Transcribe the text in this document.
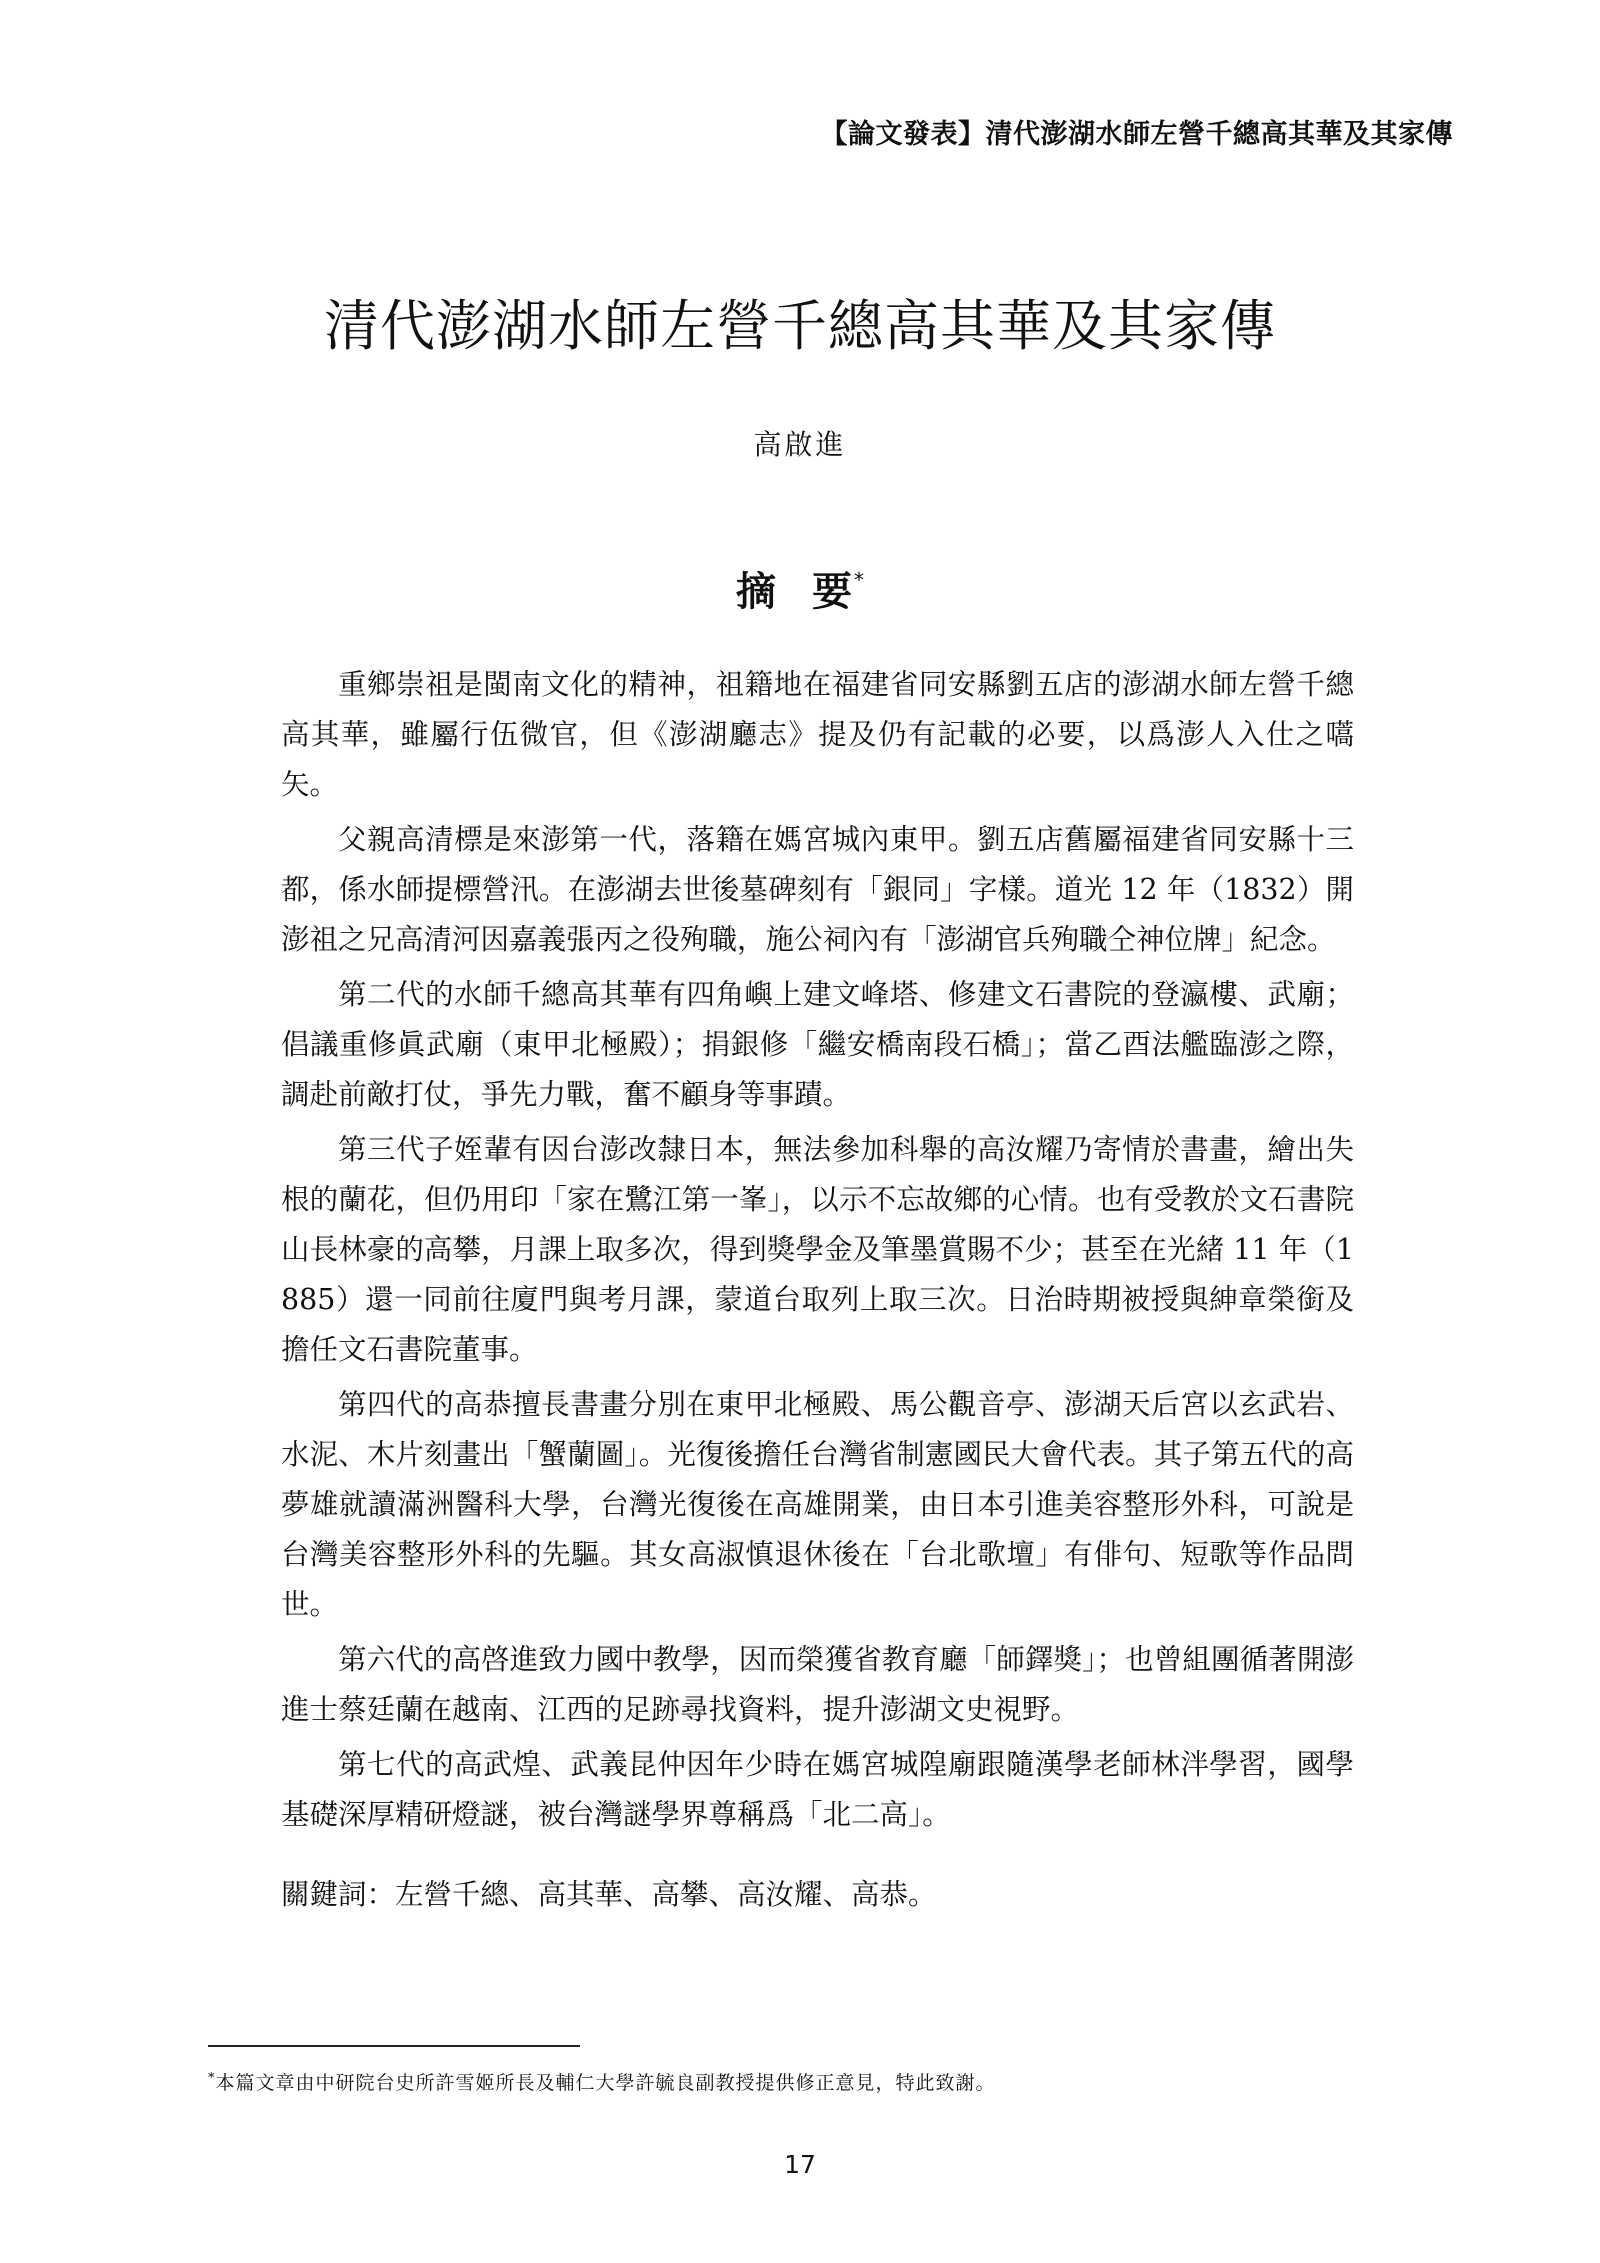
【論文發表】清代澎湖水師左營千總高其華及其家傳
清代澎湖水師左營千總高其華及其家傳
高啟進
摘 要 *

重鄉崇祖是閩南文化的精神，祖籍地在福建省同安縣劉五店的澎湖水師左營千總高其華，雖屬行伍微官，但《澎湖廳志》提及仍有記載的必要，以爲澎人入仕之嚆矢。

父親高清標是來澎第一代，落籍在媽宮城內東甲。劉五店舊屬福建省同安縣十三都，係水師提標營汛。在澎湖去世後墓碑刻有「銀同」字樣。道光 12 年（1832）開澎祖之兄高清河因嘉義張丙之役殉職，施公祠內有「澎湖官兵殉職仝神位牌」紀念。

第二代的水師千總高其華有四角嶼上建文峰塔、修建文石書院的登瀛樓、武廟；倡議重修眞武廟（東甲北極殿）；捐銀修「繼安橋南段石橋」；當乙酉法艦臨澎之際，調赴前敵打仗，爭先力戰，奮不顧身等事蹟。

第三代子姪輩有因台澎改隸日本，無法參加科舉的高汝耀乃寄情於書畫，繪出失根的蘭花，但仍用印「家在鷺江第一峯」，以示不忘故鄉的心情。也有受教於文石書院山長林豪的高攀，月課上取多次，得到獎學金及筆墨賞賜不少；甚至在光緒 11 年（1885）還一同前往廈門與考月課，蒙道台取列上取三次。日治時期被授與紳章榮銜及擔任文石書院董事。

第四代的高恭擅長書畫分別在東甲北極殿、馬公觀音亭、澎湖天后宮以玄武岩、水泥、木片刻畫出「蟹蘭圖」。光復後擔任台灣省制憲國民大會代表。其子第五代的高夢雄就讀滿洲醫科大學，台灣光復後在高雄開業，由日本引進美容整形外科，可說是台灣美容整形外科的先驅。其女高淑慎退休後在「台北歌壇」有俳句、短歌等作品問世。

第六代的高啓進致力國中教學，因而榮獲省教育廳「師鐸獎」；也曾組團循著開澎進士蔡廷蘭在越南、江西的足跡尋找資料，提升澎湖文史視野。

第七代的高武煌、武義昆仲因年少時在媽宮城隍廟跟隨漢學老師林泮學習，國學基礎深厚精研燈謎，被台灣謎學界尊稱爲「北二高」。

關鍵詞：左營千總、高其華、高攀、高汝耀、高恭。
*本篇文章由中研院台史所許雪姬所長及輔仁大學許毓良副教授提供修正意見，特此致謝。
17
